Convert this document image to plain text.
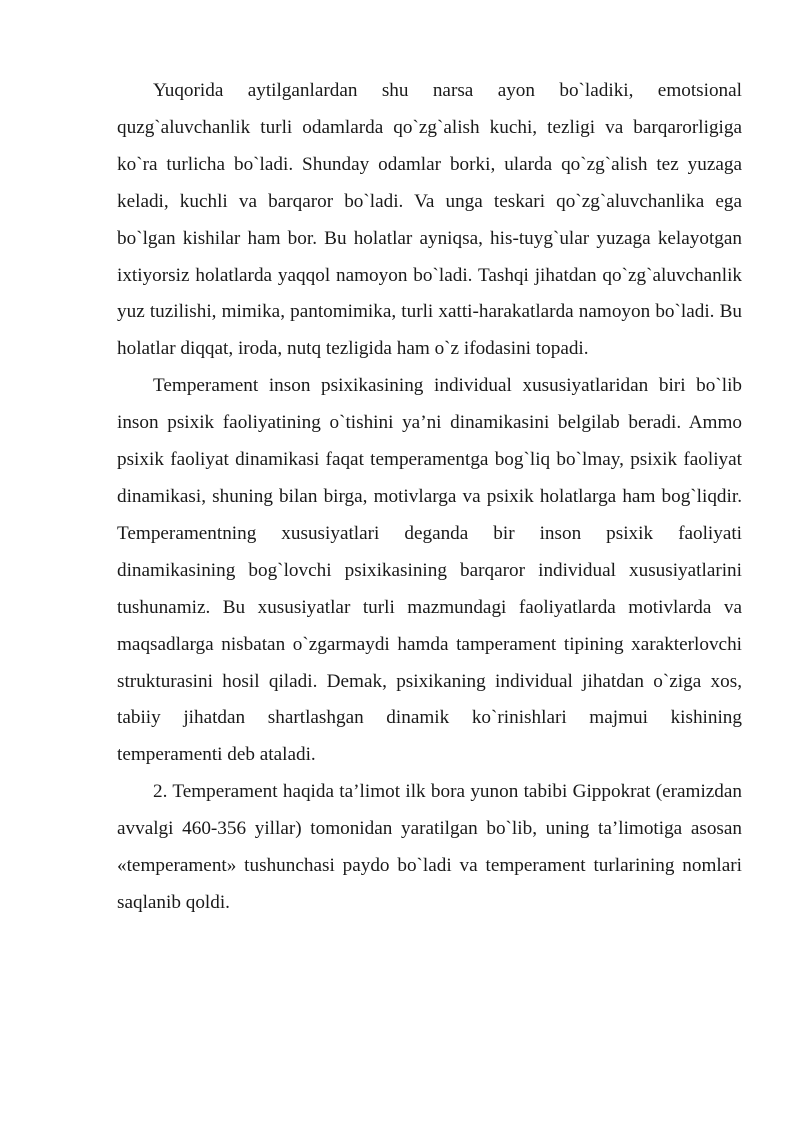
Yuqorida aytilganlardan shu narsa ayon bo`ladiki, emotsional quzg`aluvchanlik turli odamlarda qo`zg`alish kuchi, tezligi va barqarorligiga ko`ra turlicha bo`ladi. Shunday odamlar borki, ularda qo`zg`alish tez yuzaga keladi, kuchli va barqaror bo`ladi. Va unga teskari qo`zg`aluvchanlika ega bo`lgan kishilar ham bor. Bu holatlar ayniqsa, his-tuyg`ular yuzaga kelayotgan ixtiyorsiz holatlarda yaqqol namoyon bo`ladi. Tashqi jihatdan qo`zg`aluvchanlik yuz tuzilishi, mimika, pantomimika, turli xatti-harakatlarda namoyon bo`ladi. Bu holatlar diqqat, iroda, nutq tezligida ham o`z ifodasini topadi.

Temperament inson psixikasining individual xususiyatlaridan biri bo`lib inson psixik faoliyatining o`tishini ya’ni dinamikasini belgilab beradi. Ammo psixik faoliyat dinamikasi faqat temperamentga bog`liq bo`lmay, psixik faoliyat dinamikasi, shuning bilan birga, motivlarga va psixik holatlarga ham bog`liqdir. Temperamentning xususiyatlari deganda bir inson psixik faoliyati dinamikasining bog`lovchi psixikasining barqaror individual xususiyatlarini tushunamiz. Bu xususiyatlar turli mazmundagi faoliyatlarda motivlarda va maqsadlarga nisbatan o`zgarmaydi hamda tamperament tipining xarakterlovchi strukturasini hosil qiladi. Demak, psixikaning individual jihatdan o`ziga xos, tabiiy jihatdan shartlashgan dinamik ko`rinishlari majmui kishining temperamenti deb ataladi.

2. Temperament haqida ta’limot ilk bora yunon tabibi Gippokrat (eramizdan avvalgi 460-356 yillar) tomonidan yaratilgan bo`lib, uning ta’limotiga asosan «temperament» tushunchasi paydo bo`ladi va temperament turlarining nomlari saqlanib qoldi.
